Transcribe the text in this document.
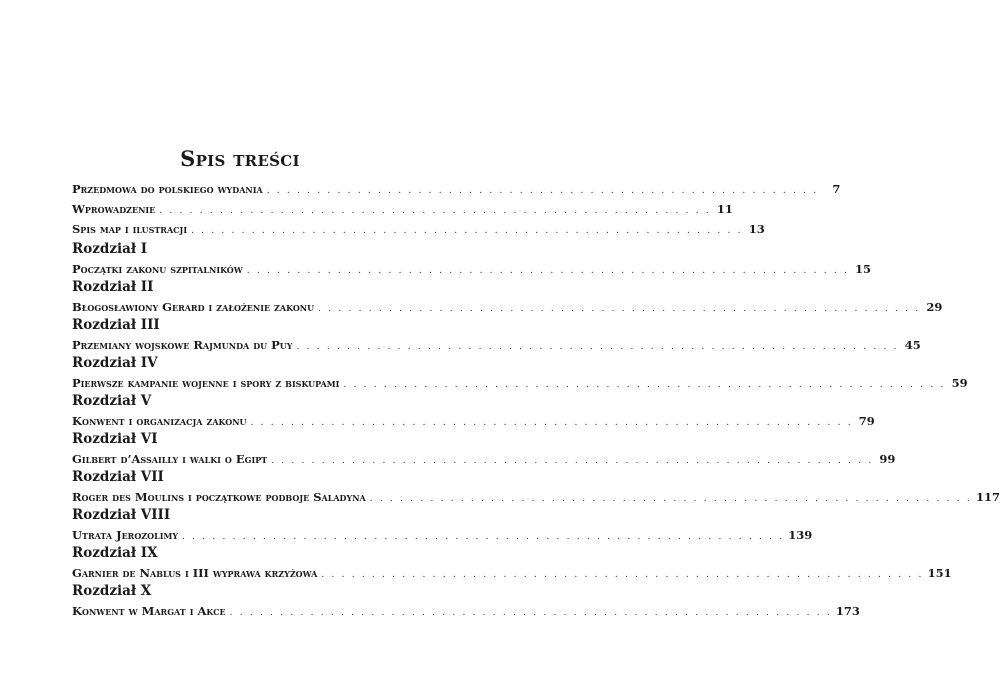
Spis treści
Przedmowa do polskiego wydania . . . . . . . . . . . . . . . . . . . . . . . . . . . . . . . . . . . . . . . . . . . . . . . . . . . . . . .	7
Wprowadzenie . . . . . . . . . . . . . . . . . . . . . . . . . . . . . . . . . . . . . . . . . . . . . . . . . . . . . . . 11
Spis map i ilustracji . . . . . . . . . . . . . . . . . . . . . . . . . . . . . . . . . . . . . . . . . . . . . . . . . . . . . . . 13
Rozdział I
Początki zakonu szpitalników . . . . . . . . . . . . . . . . . . . . . . . . . . . . . . . . . . . . . . . . . . . . . . . . . . . . . . . . . . . . 15
Rozdział II
Błogosławiony Gerard i założenie zakonu . . . . . . . . . . . . . . . . . . . . . . . . . . . . . . . . . . . . . . . . . . . . . . . . . . . . . . . . . . . . 29
Rozdział III
Przemiany wojskowe Rajmunda du Puy . . . . . . . . . . . . . . . . . . . . . . . . . . . . . . . . . . . . . . . . . . . . . . . . . . . . . . . . . . . . 45
Rozdział IV
Pierwsze kampanie wojenne i spory z biskupami . . . . . . . . . . . . . . . . . . . . . . . . . . . . . . . . . . . . . . . . . . . . . . . . . . . . . . . . . . . . 59
Rozdział V
Konwent i organizacja zakonu . . . . . . . . . . . . . . . . . . . . . . . . . . . . . . . . . . . . . . . . . . . . . . . . . . . . . . . . . . . . 79
Rozdział VI
Gilbert d’Assailly i walki o Egipt . . . . . . . . . . . . . . . . . . . . . . . . . . . . . . . . . . . . . . . . . . . . . . . . . . . . . . . . . . . . 99
Rozdział VII
Roger des Moulins i początkowe podboje Saladyna . . . . . . . . . . . . . . . . . . . . . . . . . . . . . . . . . . . . . . . . . . . . . . . . . . . . . . . . . . . . 117
Rozdział VIII
Utrata Jerozolimy . . . . . . . . . . . . . . . . . . . . . . . . . . . . . . . . . . . . . . . . . . . . . . . . . . . . . . . . . . . . 139
Rozdział IX
Garnier de Nablus i III wyprawa krzyżowa . . . . . . . . . . . . . . . . . . . . . . . . . . . . . . . . . . . . . . . . . . . . . . . . . . . . . . . . . . . . 151
Rozdział X
Konwent w Margat i Akce . . . . . . . . . . . . . . . . . . . . . . . . . . . . . . . . . . . . . . . . . . . . . . . . . . . . . . . . . . . . 173
